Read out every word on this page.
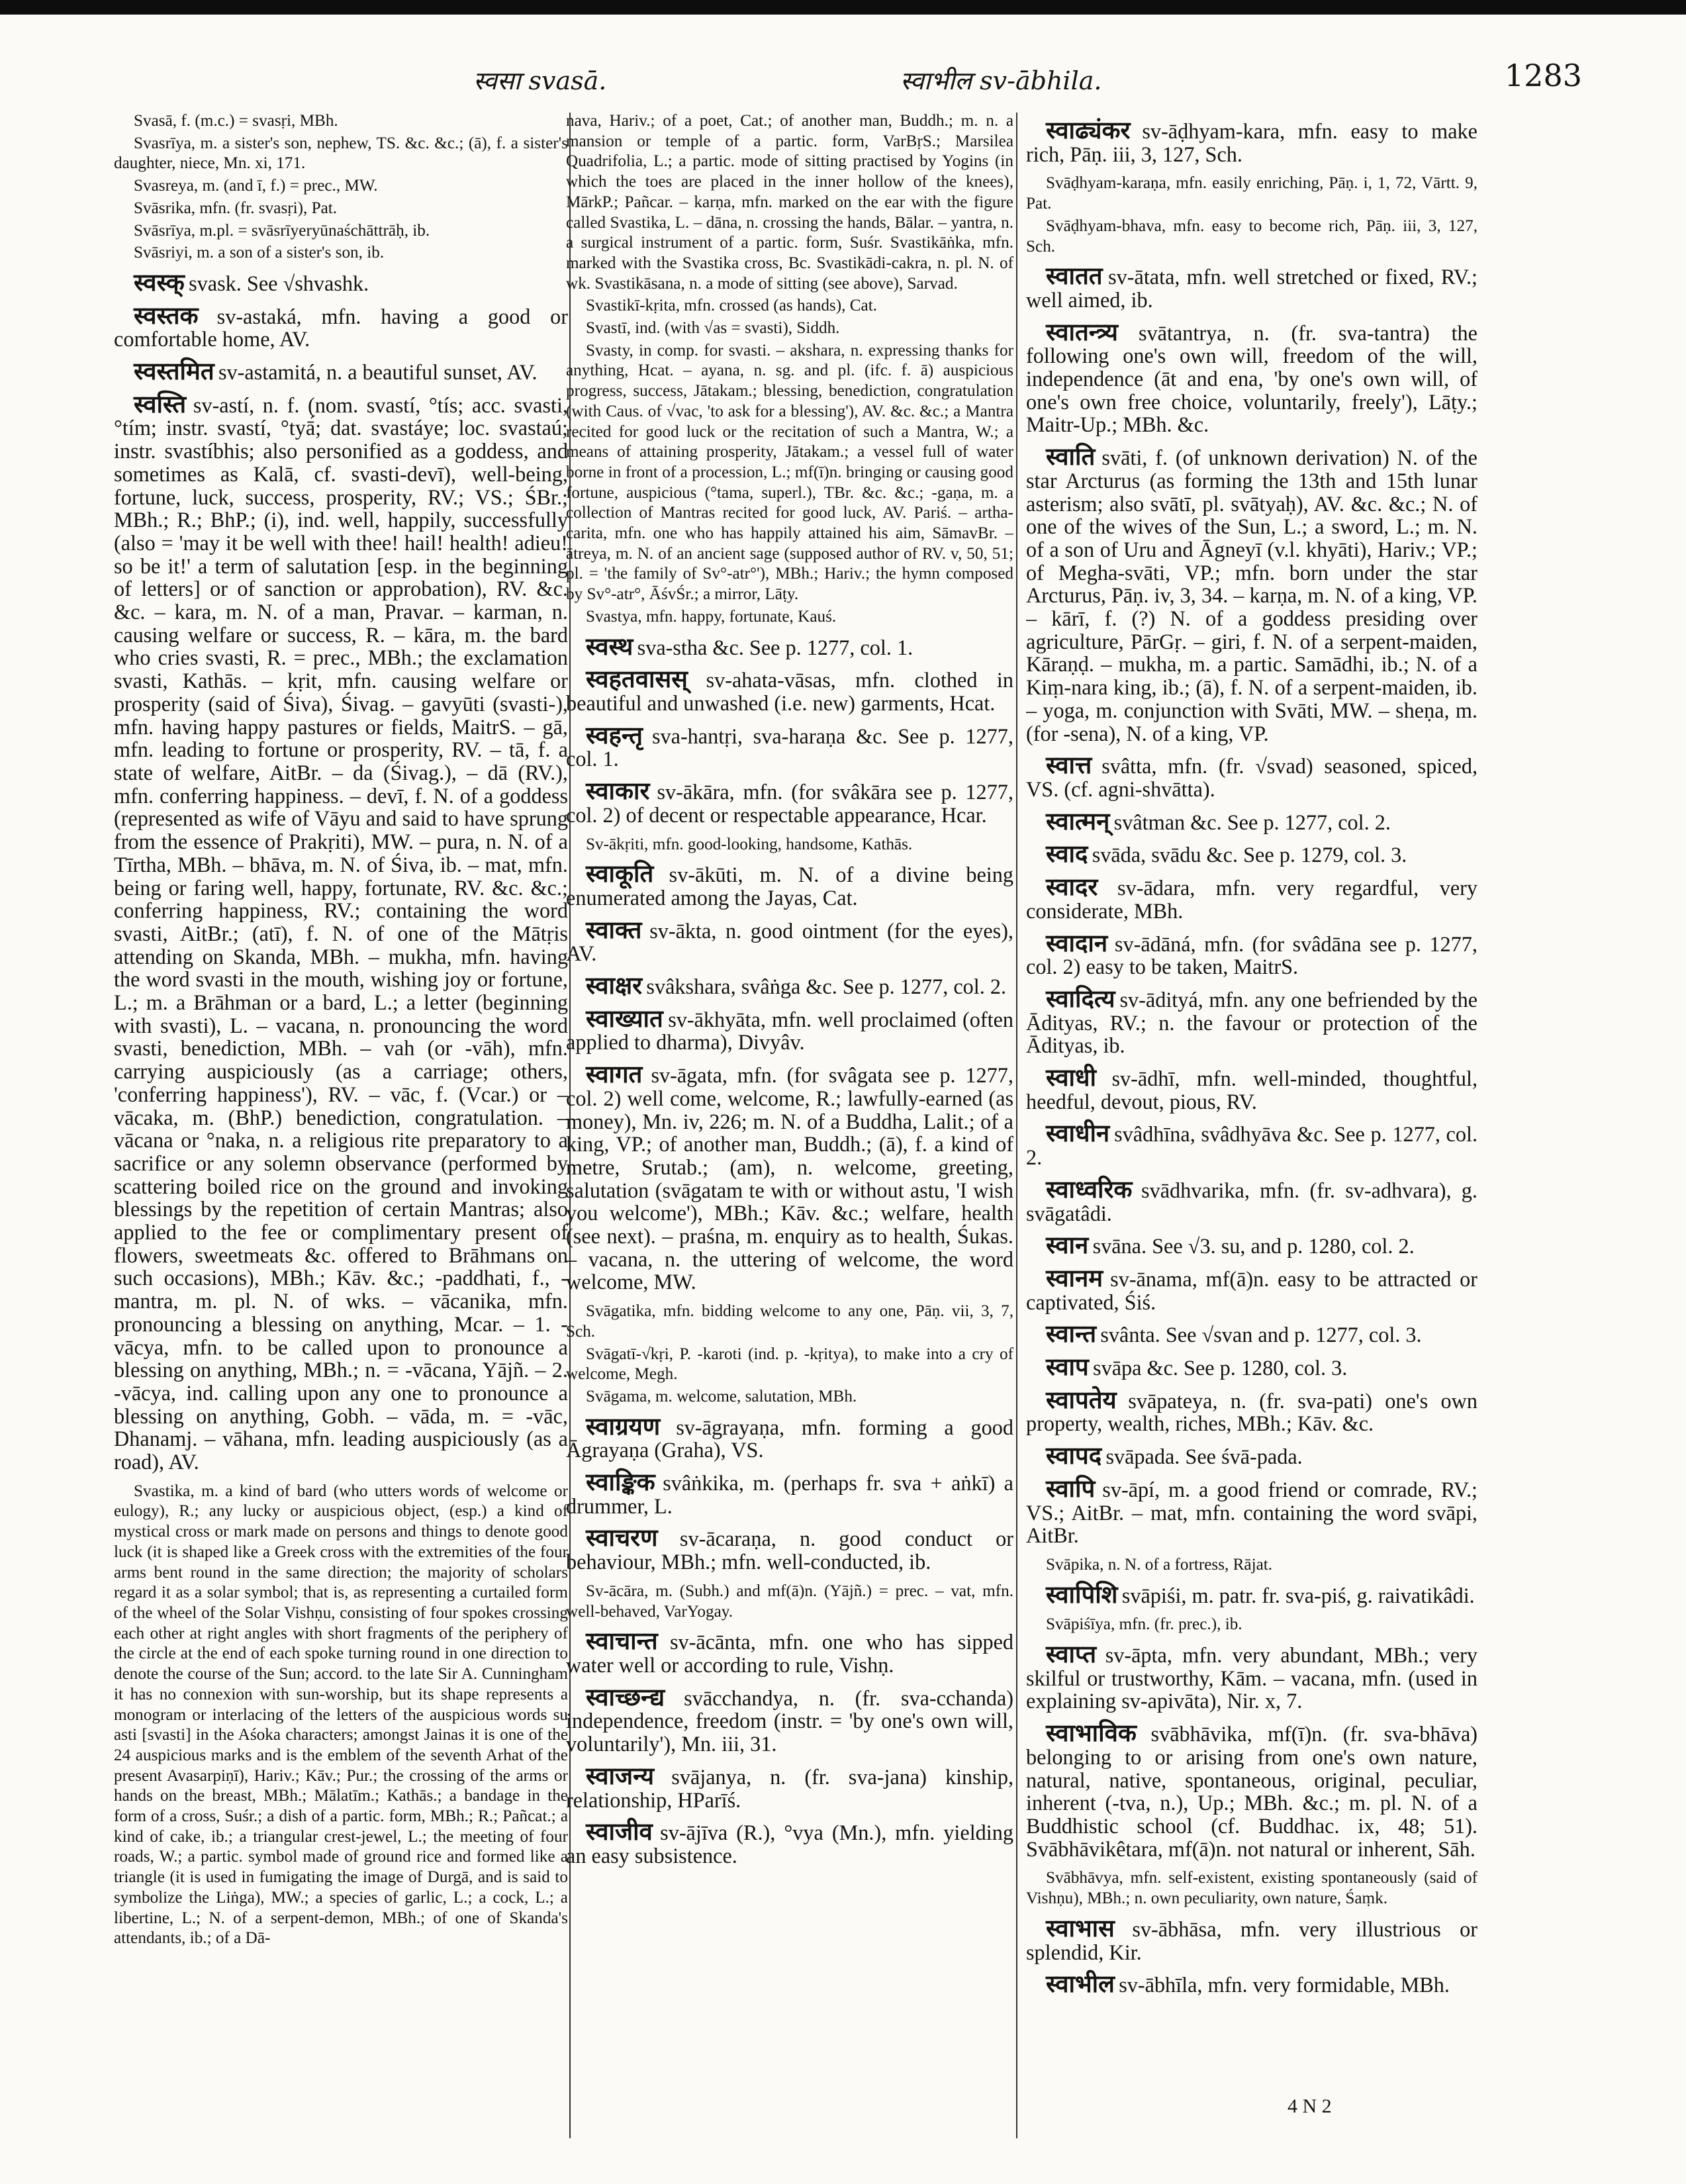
स्वसा svasā.	स्वाभील sv-ābhila.	1283

Svasā, f. (m.c.) = svasṛi, MBh.

Svasrīya, m. a sister's son, nephew, TS. &c. &c.; (ā), f. a sister's daughter, niece, Mn. xi, 171.

Svasreya, m. (and ī, f.) = prec., MW.

Svāsrika, mfn. (fr. svasṛi), Pat.

Svāsrīya, m.pl. = svāsrīyeryūnaśchāttrāḥ, ib.

Svāsriyi, m. a son of a sister's son, ib.

स्वस्क् svask. See √shvashk.

स्वस्तक sv-astaká, mfn. having a good or comfortable home, AV.

स्वस्तमित sv-astamitá, n. a beautiful sunset, AV.

स्वस्ति sv-astí, n. f. (nom. svastí, °tís; acc. svasti, °tím; instr. svastí, °tyā́; dat. svastáye; loc. svastaú; instr. svastíbhis; also personified as a goddess, and sometimes as Kalā, cf. svasti-devī), well-being, fortune, luck, success, prosperity, RV.; VS.; ŚBr.; MBh.; R.; BhP.; (i), ind. well, happily, successfully (also = 'may it be well with thee! hail! health! adieu! so be it!' a term of salutation [esp. in the beginning of letters] or of sanction or approbation), RV. &c. &c. – kara, m. N. of a man, Pravar. – karman, n. causing welfare or success, R. – kāra, m. the bard who cries svasti, R. = prec., MBh.; the exclamation svasti, Kathās. – kṛit, mfn. causing welfare or prosperity (said of Śiva), Śivag. – gavyūti (svasti-), mfn. having happy pastures or fields, MaitrS. – gā, mfn. leading to fortune or prosperity, RV. – tā, f. a state of welfare, AitBr. – da (Śivag.), – dā (RV.), mfn. conferring happiness. – devī, f. N. of a goddess (represented as wife of Vāyu and said to have sprung from the essence of Prakṛiti), MW. – pura, n. N. of a Tīrtha, MBh. – bhāva, m. N. of Śiva, ib. – mat, mfn. being or faring well, happy, fortunate, RV. &c. &c.; conferring happiness, RV.; containing the word svasti, AitBr.; (atī), f. N. of one of the Mātṛis attending on Skanda, MBh. – mukha, mfn. having the word svasti in the mouth, wishing joy or fortune, L.; m. a Brāhman or a bard, L.; a letter (beginning with svasti), L. – vacana, n. pronouncing the word svasti, benediction, MBh. – vah (or -vāh), mfn. carrying auspiciously (as a carriage; others, 'conferring happiness'), RV. – vāc, f. (Vcar.) or – vācaka, m. (BhP.) benediction, congratulation. – vācana or °naka, n. a religious rite preparatory to a sacrifice or any solemn observance (performed by scattering boiled rice on the ground and invoking blessings by the repetition of certain Mantras; also applied to the fee or complimentary present of flowers, sweetmeats &c. offered to Brāhmans on such occasions), MBh.; Kāv. &c.; -paddhati, f., -mantra, m. pl. N. of wks. – vācanika, mfn. pronouncing a blessing on anything, Mcar. – 1. -vācya, mfn. to be called upon to pronounce a blessing on anything, MBh.; n. = -vācana, Yājñ. – 2. -vācya, ind. calling upon any one to pronounce a blessing on anything, Gobh. – vāda, m. = -vāc, Dhanamj. – vāhana, mfn. leading auspiciously (as a road), AV.

Svastika, m. a kind of bard (who utters words of welcome or eulogy), R.; any lucky or auspicious object, (esp.) a kind of mystical cross or mark made on persons and things to denote good luck (it is shaped like a Greek cross with the extremities of the four arms bent round in the same direction; the majority of scholars regard it as a solar symbol; that is, as representing a curtailed form of the wheel of the Solar Vishṇu, consisting of four spokes crossing each other at right angles with short fragments of the periphery of the circle at the end of each spoke turning round in one direction to denote the course of the Sun; accord. to the late Sir A. Cunningham it has no connexion with sun-worship, but its shape represents a monogram or interlacing of the letters of the auspicious words su asti [svasti] in the Aśoka characters; amongst Jainas it is one of the 24 auspicious marks and is the emblem of the seventh Arhat of the present Avasarpiṇī), Hariv.; Kāv.; Pur.; the crossing of the arms or hands on the breast, MBh.; Mālatīm.; Kathās.; a bandage in the form of a cross, Suśr.; a dish of a partic. form, MBh.; R.; Pañcat.; a kind of cake, ib.; a triangular crest-jewel, L.; the meeting of four roads, W.; a partic. symbol made of ground rice and formed like a triangle (it is used in fumigating the image of Durgā, and is said to symbolize the Liṅga), MW.; a species of garlic, L.; a cock, L.; a libertine, L.; N. of a serpent-demon, MBh.; of one of Skanda's attendants, ib.; of a Dā-

nava, Hariv.; of a poet, Cat.; of another man, Buddh.; m. n. a mansion or temple of a partic. form, VarBṛS.; Marsilea Quadrifolia, L.; a partic. mode of sitting practised by Yogins (in which the toes are placed in the inner hollow of the knees), MārkP.; Pañcar. – karṇa, mfn. marked on the ear with the figure called Svastika, L. – dāna, n. crossing the hands, Bālar. – yantra, n. a surgical instrument of a partic. form, Suśr. Svastikāṅka, mfn. marked with the Svastika cross, Bc. Svastikādi-cakra, n. pl. N. of wk. Svastikāsana, n. a mode of sitting (see above), Sarvad.

Svastikī-kṛita, mfn. crossed (as hands), Cat.

Svastī, ind. (with √as = svasti), Siddh.

Svasty, in comp. for svasti. – akshara, n. expressing thanks for anything, Hcat. – ayana, n. sg. and pl. (ifc. f. ā) auspicious progress, success, Jātakam.; blessing, benediction, congratulation (with Caus. of √vac, 'to ask for a blessing'), AV. &c. &c.; a Mantra recited for good luck or the recitation of such a Mantra, W.; a means of attaining prosperity, Jātakam.; a vessel full of water borne in front of a procession, L.; mf(ī)n. bringing or causing good fortune, auspicious (°tama, superl.), TBr. &c. &c.; -gaṇa, m. a collection of Mantras recited for good luck, AV. Pariś. – artha-carita, mfn. one who has happily attained his aim, SāmavBr. – ātreya, m. N. of an ancient sage (supposed author of RV. v, 50, 51; pl. = 'the family of Sv°-atr°'), MBh.; Hariv.; the hymn composed by Sv°-atr°, ĀśvŚr.; a mirror, Lāṭy.

Svastya, mfn. happy, fortunate, Kauś.

स्वस्थ sva-stha &c. See p. 1277, col. 1.

स्वहतवासस् sv-ahata-vāsas, mfn. clothed in beautiful and unwashed (i.e. new) garments, Hcat.

स्वहन्तृ sva-hantṛi, sva-haraṇa &c. See p. 1277, col. 1.

स्वाकार sv-ākāra, mfn. (for svâkāra see p. 1277, col. 2) of decent or respectable appearance, Hcar.

Sv-ākṛiti, mfn. good-looking, handsome, Kathās.

स्वाकूति sv-ākūti, m. N. of a divine being enumerated among the Jayas, Cat.

स्वाक्त sv-ākta, n. good ointment (for the eyes), AV.

स्वाक्षर svâkshara, svâṅga &c. See p. 1277, col. 2.

स्वाख्यात sv-ākhyāta, mfn. well proclaimed (often applied to dharma), Divyâv.

स्वागत sv-āgata, mfn. (for svâgata see p. 1277, col. 2) well come, welcome, R.; lawfully-earned (as money), Mn. iv, 226; m. N. of a Buddha, Lalit.; of a king, VP.; of another man, Buddh.; (ā), f. a kind of metre, Srutab.; (am), n. welcome, greeting, salutation (svāgatam te with or without astu, 'I wish you welcome'), MBh.; Kāv. &c.; welfare, health (see next). – praśna, m. enquiry as to health, Śukas. – vacana, n. the uttering of welcome, the word welcome, MW.

Svāgatika, mfn. bidding welcome to any one, Pāṇ. vii, 3, 7, Sch.

Svāgatī-√kṛi, P. -karoti (ind. p. -kṛitya), to make into a cry of welcome, Megh.

Svāgama, m. welcome, salutation, MBh.

स्वाग्रयण sv-āgrayaṇa, mfn. forming a good Āgrayaṇa (Graha), VS.

स्वाङ्किक svâṅkika, m. (perhaps fr. sva + aṅkī) a drummer, L.

स्वाचरण sv-ācaraṇa, n. good conduct or behaviour, MBh.; mfn. well-conducted, ib.

Sv-ācāra, m. (Subh.) and mf(ā)n. (Yājñ.) = prec. – vat, mfn. well-behaved, VarYogay.

स्वाचान्त sv-ācānta, mfn. one who has sipped water well or according to rule, Vishṇ.

स्वाच्छन्द्य svācchandya, n. (fr. sva-cchanda) independence, freedom (instr. = 'by one's own will, voluntarily'), Mn. iii, 31.

स्वाजन्य svājanya, n. (fr. sva-jana) kinship, relationship, HParīś.

स्वाजीव sv-ājīva (R.), °vya (Mn.), mfn. yielding an easy subsistence.

स्वाढ्यंकर sv-āḍhyam-kara, mfn. easy to make rich, Pāṇ. iii, 3, 127, Sch.

Svāḍhyam-karaṇa, mfn. easily enriching, Pāṇ. i, 1, 72, Vārtt. 9, Pat.

Svāḍhyam-bhava, mfn. easy to become rich, Pāṇ. iii, 3, 127, Sch.

स्वातत sv-ātata, mfn. well stretched or fixed, RV.; well aimed, ib.

स्वातन्त्र्य svātantrya, n. (fr. sva-tantra) the following one's own will, freedom of the will, independence (āt and ena, 'by one's own will, of one's own free choice, voluntarily, freely'), Lāṭy.; Maitr-Up.; MBh. &c.

स्वाति svāti, f. (of unknown derivation) N. of the star Arcturus (as forming the 13th and 15th lunar asterism; also svātī, pl. svātyaḥ), AV. &c. &c.; N. of one of the wives of the Sun, L.; a sword, L.; m. N. of a son of Uru and Āgneyī (v.l. khyāti), Hariv.; VP.; of Megha-svāti, VP.; mfn. born under the star Arcturus, Pāṇ. iv, 3, 34. – karṇa, m. N. of a king, VP. – kārī, f. (?) N. of a goddess presiding over agriculture, PārGṛ. – giri, f. N. of a serpent-maiden, Kāraṇḍ. – mukha, m. a partic. Samādhi, ib.; N. of a Kiṃ-nara king, ib.; (ā), f. N. of a serpent-maiden, ib. – yoga, m. conjunction with Svāti, MW. – sheṇa, m. (for -sena), N. of a king, VP.

स्वात्त svâtta, mfn. (fr. √svad) seasoned, spiced, VS. (cf. agni-shvātta).

स्वात्मन् svâtman &c. See p. 1277, col. 2.

स्वाद svāda, svādu &c. See p. 1279, col. 3.

स्वादर sv-ādara, mfn. very regardful, very considerate, MBh.

स्वादान sv-ādāná, mfn. (for svâdāna see p. 1277, col. 2) easy to be taken, MaitrS.

स्वादित्य sv-ādityá, mfn. any one befriended by the Ādityas, RV.; n. the favour or protection of the Ādityas, ib.

स्वाधी sv-ādhī, mfn. well-minded, thoughtful, heedful, devout, pious, RV.

स्वाधीन svâdhīna, svâdhyāva &c. See p. 1277, col. 2.

स्वाध्वरिक svādhvarika, mfn. (fr. sv-adhvara), g. svāgatâdi.

स्वान svāna. See √3. su, and p. 1280, col. 2.

स्वानम sv-ānama, mf(ā)n. easy to be attracted or captivated, Śiś.

स्वान्त svânta. See √svan and p. 1277, col. 3.

स्वाप svāpa &c. See p. 1280, col. 3.

स्वापतेय svāpateya, n. (fr. sva-pati) one's own property, wealth, riches, MBh.; Kāv. &c.

स्वापद svāpada. See śvā-pada.

स्वापि sv-āpí, m. a good friend or comrade, RV.; VS.; AitBr. – mat, mfn. containing the word svāpi, AitBr.

Svāpika, n. N. of a fortress, Rājat.

स्वापिशि svāpiśi, m. patr. fr. sva-piś, g. raivatikâdi.

Svāpiśīya, mfn. (fr. prec.), ib.

स्वाप्त sv-āpta, mfn. very abundant, MBh.; very skilful or trustworthy, Kām. – vacana, mfn. (used in explaining sv-apivāta), Nir. x, 7.

स्वाभाविक svābhāvika, mf(ī)n. (fr. sva-bhāva) belonging to or arising from one's own nature, natural, native, spontaneous, original, peculiar, inherent (-tva, n.), Up.; MBh. &c.; m. pl. N. of a Buddhistic school (cf. Buddhac. ix, 48; 51). Svābhāvikêtara, mf(ā)n. not natural or inherent, Sāh.

Svābhāvya, mfn. self-existent, existing spontaneously (said of Vishṇu), MBh.; n. own peculiarity, own nature, Śaṃk.

स्वाभास sv-ābhāsa, mfn. very illustrious or splendid, Kir.

स्वाभील sv-ābhīla, mfn. very formidable, MBh.

4 N 2
